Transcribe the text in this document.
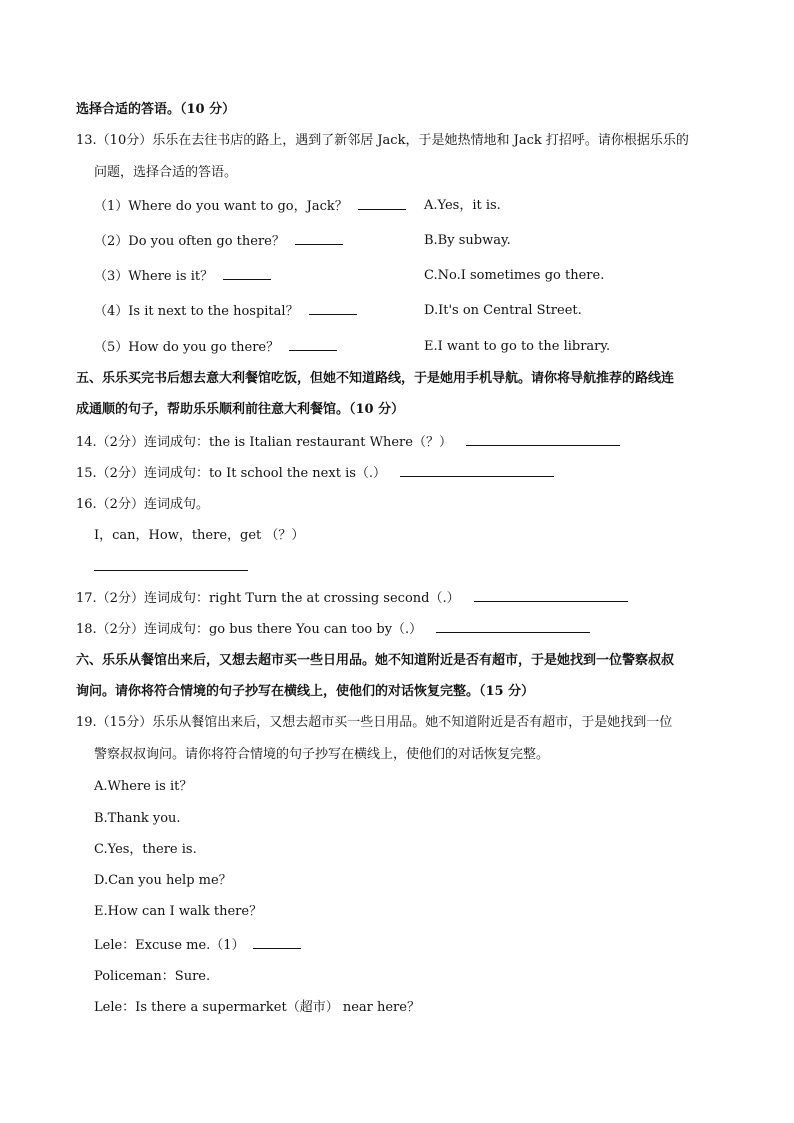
选择合适的答语。（10 分）
13.（10分）乐乐在去往书店的路上，遇到了新邻居 Jack，于是她热情地和 Jack 打招呼。请你根据乐乐的
问题，选择合适的答语。
（1）Where do you want to go，Jack？
（2）Do you often go there？
（3）Where is it？
（4）Is it next to the hospital？
（5）How do you go there？
A.Yes，it is.
B.By subway.
C.No.I sometimes go there.
D.It's on Central Street.
E.I want to go to the library.
五、乐乐买完书后想去意大利餐馆吃饭，但她不知道路线，于是她用手机导航。请你将导航推荐的路线连
成通顺的句子，帮助乐乐顺利前往意大利餐馆。（10 分）
14.（2分）连词成句：the is Italian restaurant Where（？）
15.（2分）连词成句：to It school the next is（.）
16.（2分）连词成句。
I，can，How，there，get （？）
17.（2分）连词成句：right Turn the at crossing second（.）
18.（2分）连词成句：go bus there You can too by（.）
六、乐乐从餐馆出来后，又想去超市买一些日用品。她不知道附近是否有超市，于是她找到一位警察叔叔
询问。请你将符合情境的句子抄写在横线上，使他们的对话恢复完整。（15 分）
19.（15分）乐乐从餐馆出来后，又想去超市买一些日用品。她不知道附近是否有超市，于是她找到一位
警察叔叔询问。请你将符合情境的句子抄写在横线上，使他们的对话恢复完整。
A.Where is it？
B.Thank you.
C.Yes，there is.
D.Can you help me？
E.How can I walk there？
Lele：Excuse me.（1）
Policeman：Sure.
Lele：Is there a supermarket（超市） near here？
